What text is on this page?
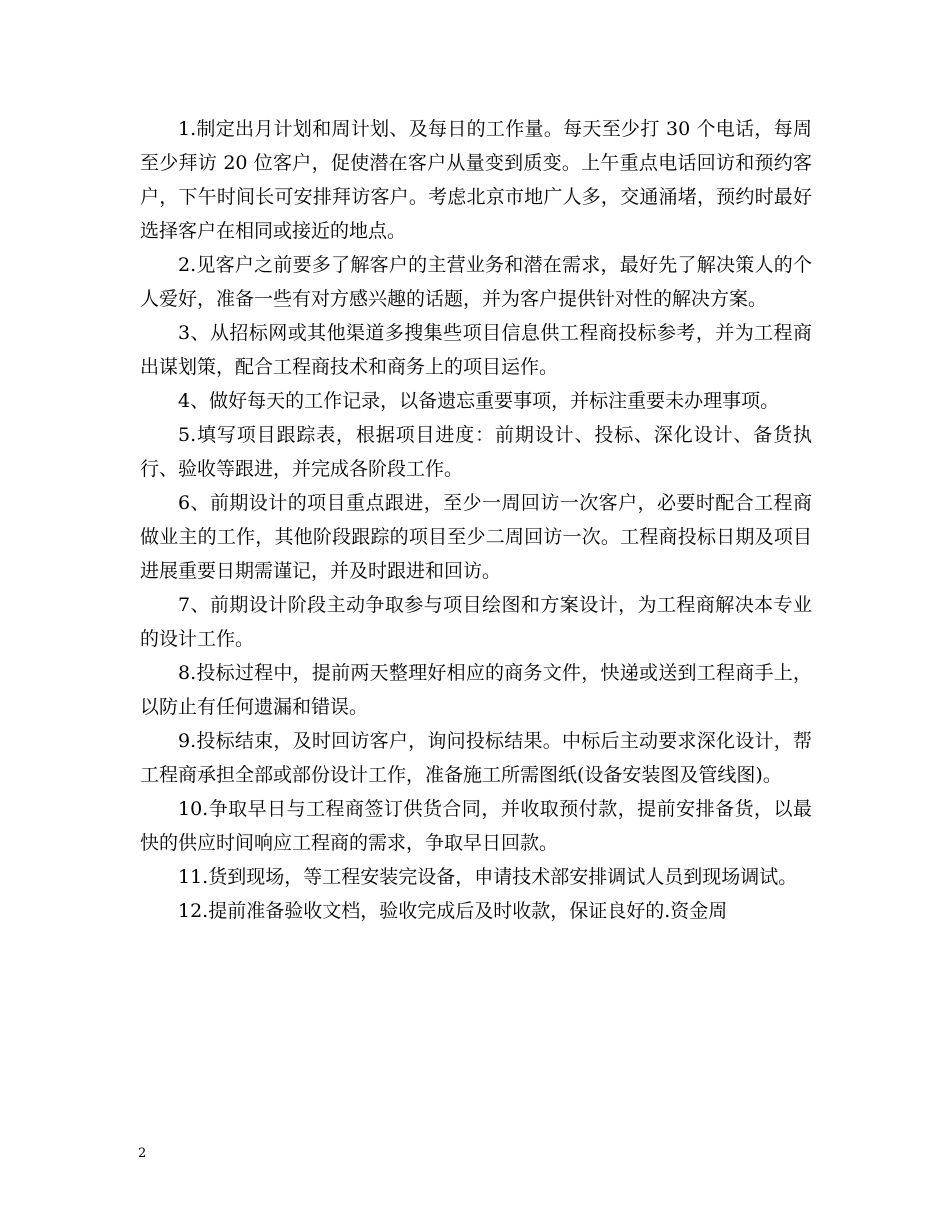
1.制定出月计划和周计划、及每日的工作量。每天至少打 30 个电话，每周至少拜访 20 位客户，促使潜在客户从量变到质变。上午重点电话回访和预约客户，下午时间长可安排拜访客户。考虑北京市地广人多，交通涌堵，预约时最好选择客户在相同或接近的地点。

2.见客户之前要多了解客户的主营业务和潜在需求，最好先了解决策人的个人爱好，准备一些有对方感兴趣的话题，并为客户提供针对性的解决方案。

3、从招标网或其他渠道多搜集些项目信息供工程商投标参考，并为工程商出谋划策，配合工程商技术和商务上的项目运作。

4、做好每天的工作记录，以备遗忘重要事项，并标注重要未办理事项。

5.填写项目跟踪表，根据项目进度：前期设计、投标、深化设计、备货执行、验收等跟进，并完成各阶段工作。

6、前期设计的项目重点跟进，至少一周回访一次客户，必要时配合工程商做业主的工作，其他阶段跟踪的项目至少二周回访一次。工程商投标日期及项目进展重要日期需谨记，并及时跟进和回访。

7、前期设计阶段主动争取参与项目绘图和方案设计，为工程商解决本专业的设计工作。

8.投标过程中，提前两天整理好相应的商务文件，快递或送到工程商手上，以防止有任何遗漏和错误。

9.投标结束，及时回访客户，询问投标结果。中标后主动要求深化设计，帮工程商承担全部或部份设计工作，准备施工所需图纸(设备安装图及管线图)。

10.争取早日与工程商签订供货合同，并收取预付款，提前安排备货，以最快的供应时间响应工程商的需求，争取早日回款。

11.货到现场，等工程安装完设备，申请技术部安排调试人员到现场调试。

12.提前准备验收文档，验收完成后及时收款，保证良好的.资金周

2
